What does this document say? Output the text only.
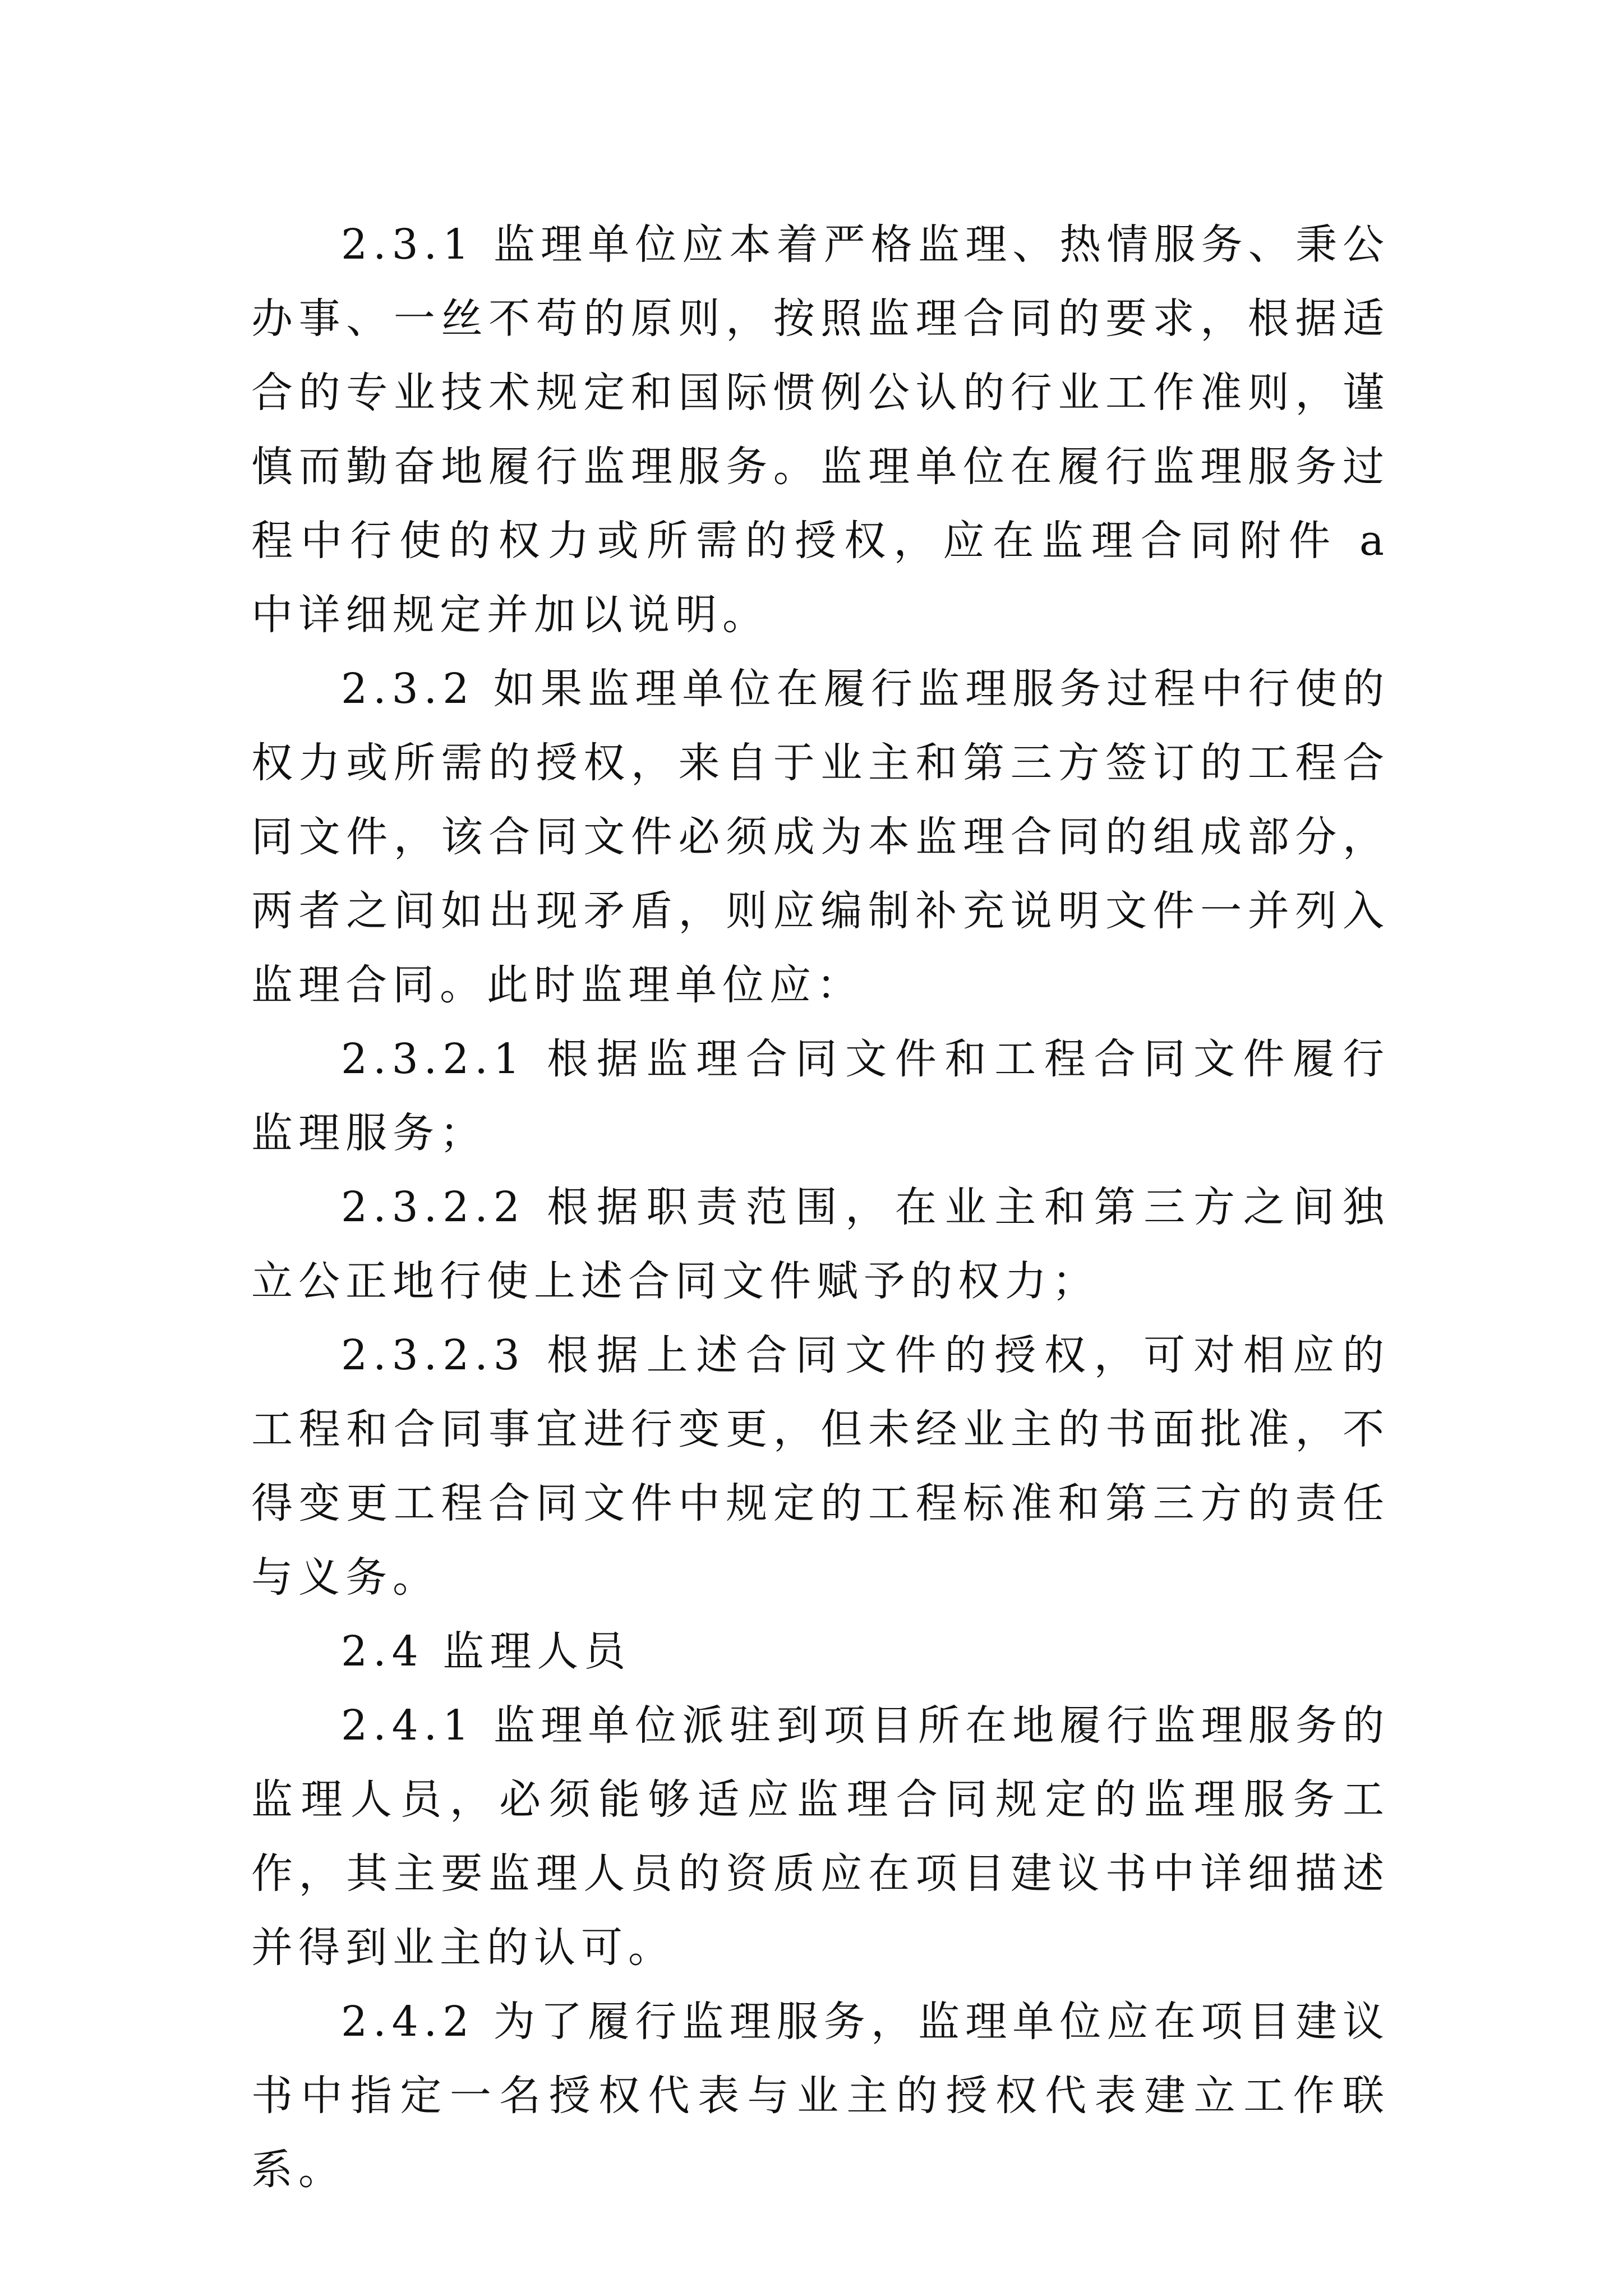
2.3.1 监理单位应本着严格监理、热情服务、秉公办事、一丝不苟的原则，按照监理合同的要求，根据适合的专业技术规定和国际惯例公认的行业工作准则，谨慎而勤奋地履行监理服务。监理单位在履行监理服务过程中行使的权力或所需的授权，应在监理合同附件 a 中详细规定并加以说明。

2.3.2 如果监理单位在履行监理服务过程中行使的权力或所需的授权，来自于业主和第三方签订的工程合同文件，该合同文件必须成为本监理合同的组成部分，两者之间如出现矛盾，则应编制补充说明文件一并列入监理合同。此时监理单位应：

2.3.2.1 根据监理合同文件和工程合同文件履行监理服务；

2.3.2.2 根据职责范围，在业主和第三方之间独立公正地行使上述合同文件赋予的权力；

2.3.2.3 根据上述合同文件的授权，可对相应的工程和合同事宜进行变更，但未经业主的书面批准，不得变更工程合同文件中规定的工程标准和第三方的责任与义务。

2.4 监理人员

2.4.1 监理单位派驻到项目所在地履行监理服务的监理人员，必须能够适应监理合同规定的监理服务工作，其主要监理人员的资质应在项目建议书中详细描述并得到业主的认可。

2.4.2 为了履行监理服务，监理单位应在项目建议书中指定一名授权代表与业主的授权代表建立工作联系。
